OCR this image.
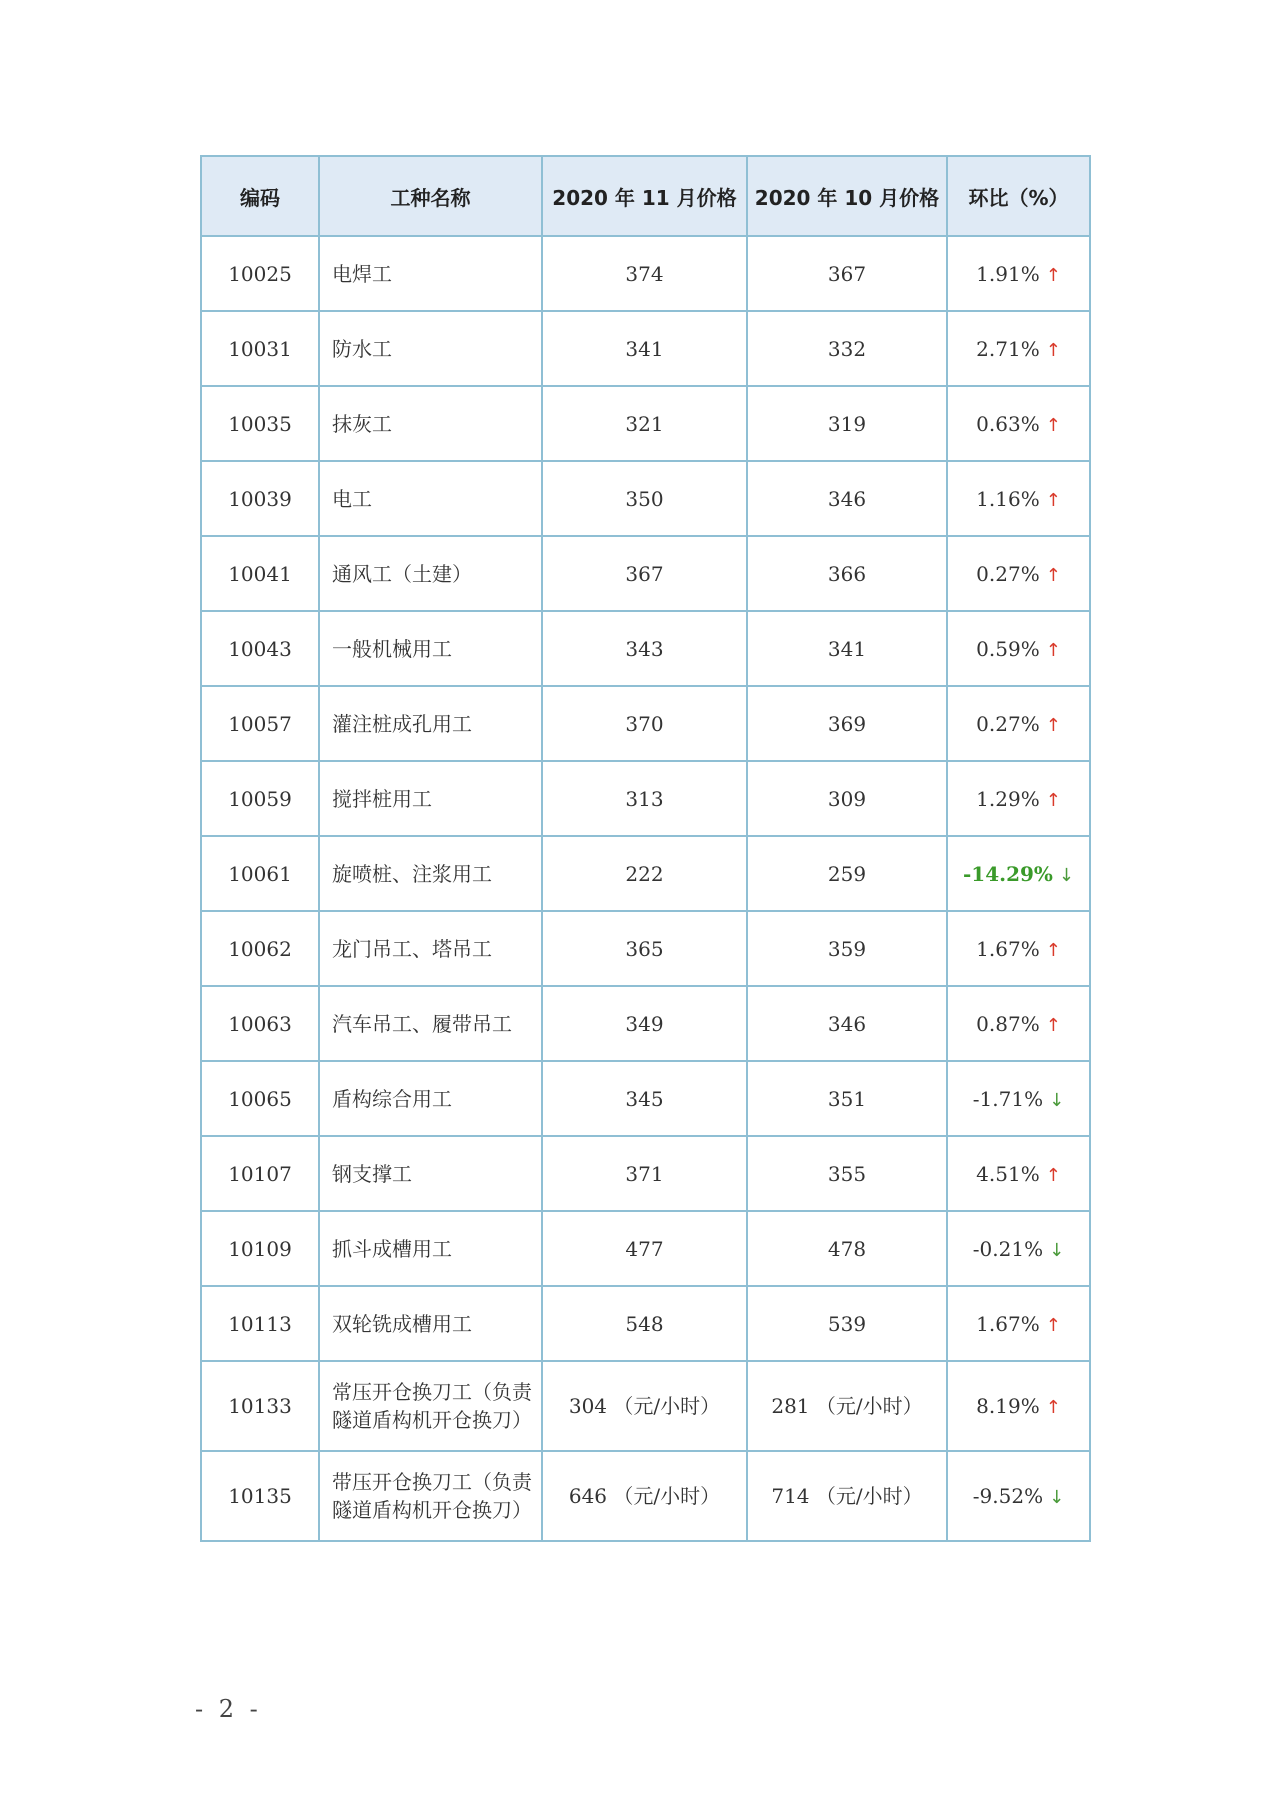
编码	工种名称	2020 年 11 月价格	2020 年 10 月价格	环比（%）
10025	电焊工	374	367	1.91% ↑
10031	防水工	341	332	2.71% ↑
10035	抹灰工	321	319	0.63% ↑
10039	电工	350	346	1.16% ↑
10041	通风工（土建）	367	366	0.27% ↑
10043	一般机械用工	343	341	0.59% ↑
10057	灌注桩成孔用工	370	369	0.27% ↑
10059	搅拌桩用工	313	309	1.29% ↑
10061	旋喷桩、注浆用工	222	259	-14.29% ↓
10062	龙门吊工、塔吊工	365	359	1.67% ↑
10063	汽车吊工、履带吊工	349	346	0.87% ↑
10065	盾构综合用工	345	351	-1.71% ↓
10107	钢支撑工	371	355	4.51% ↑
10109	抓斗成槽用工	477	478	-0.21% ↓
10113	双轮铣成槽用工	548	539	1.67% ↑
10133	常压开仓换刀工（负责隧道盾构机开仓换刀）	304 （元/小时）	281 （元/小时）	8.19% ↑
10135	带压开仓换刀工（负责隧道盾构机开仓换刀）	646 （元/小时）	714 （元/小时）	-9.52% ↓
- 2 -
